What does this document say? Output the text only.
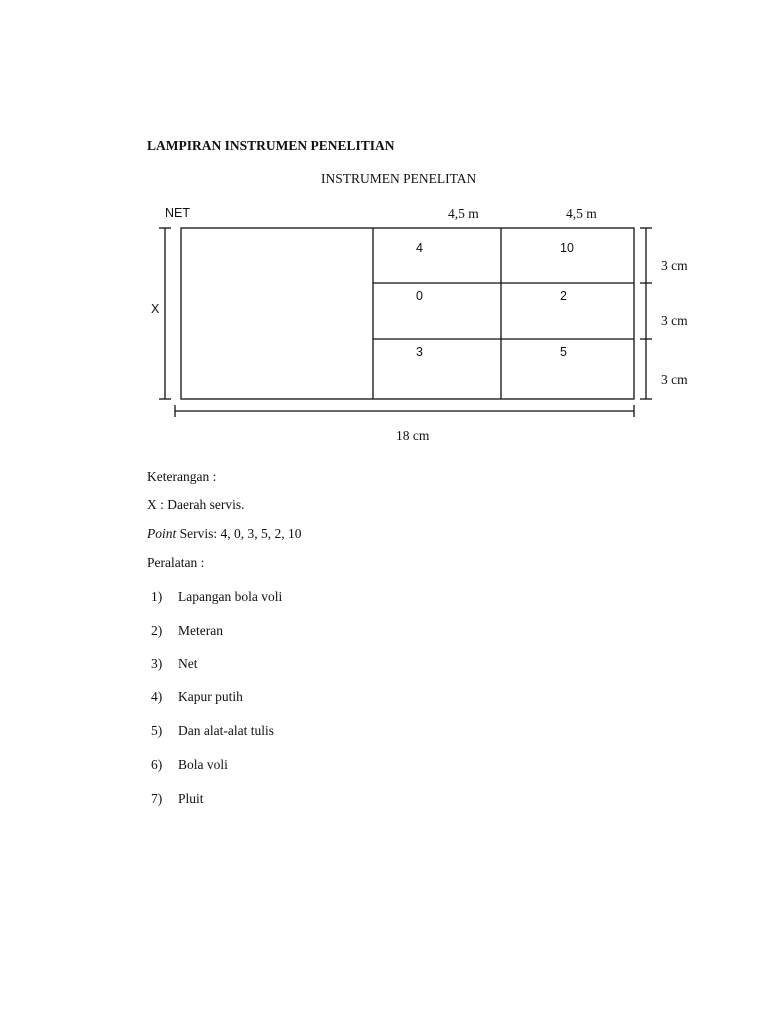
LAMPIRAN INSTRUMEN PENELITIAN
INSTRUMEN PENELITAN
NET	4,5 m	4,5 m
X
3 cm
3 cm
3 cm
18 cm
4	10
0	2
3	5
Keterangan :
X : Daerah servis.
Point Servis: 4, 0, 3, 5, 2, 10
Peralatan :
1) Lapangan bola voli
2) Meteran
3) Net
4) Kapur putih
5) Dan alat-alat tulis
6) Bola voli
7) Pluit
